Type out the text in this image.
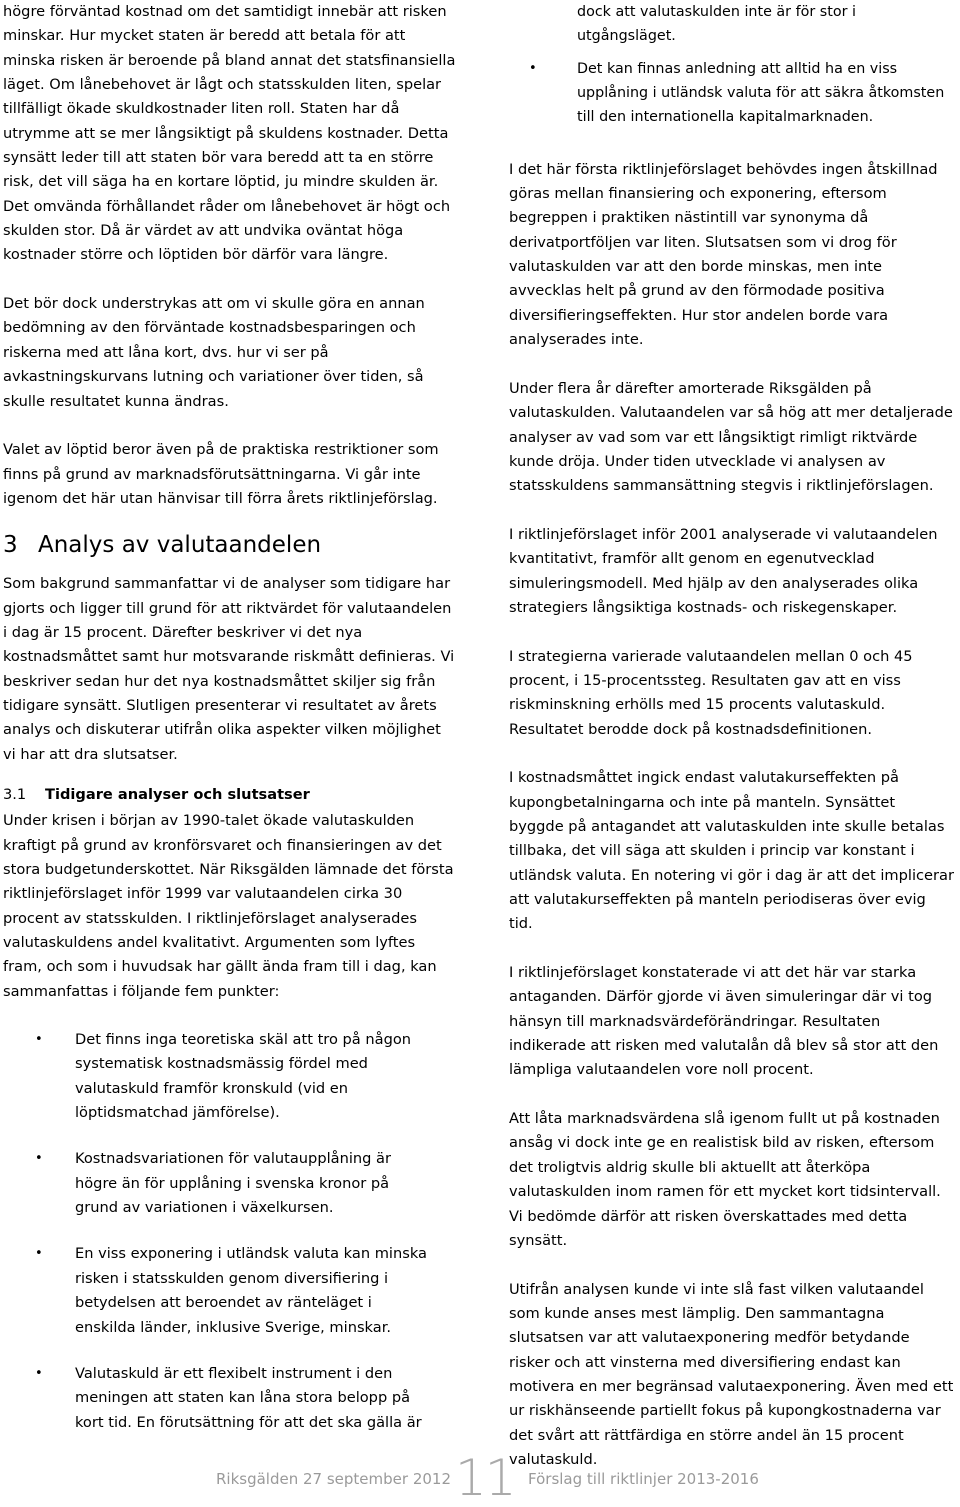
högre förväntad kostnad om det samtidigt innebär att risken minskar. Hur mycket staten är beredd att betala för att minska risken är beroende på bland annat det statsfinansiella läget. Om lånebehovet är lågt och statsskulden liten, spelar tillfälligt ökade skuldkostnader liten roll. Staten har då utrymme att se mer långsiktigt på skuldens kostnader. Detta synsätt leder till att staten bör vara beredd att ta en större risk, det vill säga ha en kortare löptid, ju mindre skulden är. Det omvända förhållandet råder om lånebehovet är högt och skulden stor. Då är värdet av att undvika oväntat höga kostnader större och löptiden bör därför vara längre.

Det bör dock understrykas att om vi skulle göra en annan bedömning av den förväntade kostnadsbesparingen och riskerna med att låna kort, dvs. hur vi ser på avkastningskurvans lutning och variationer över tiden, så skulle resultatet kunna ändras.

Valet av löptid beror även på de praktiska restriktioner som finns på grund av marknadsförutsättningarna. Vi går inte igenom det här utan hänvisar till förra årets riktlinjeförslag.

3 Analys av valutaandelen

Som bakgrund sammanfattar vi de analyser som tidigare har gjorts och ligger till grund för att riktvärdet för valutaandelen i dag är 15 procent. Därefter beskriver vi det nya kostnadsmåttet samt hur motsvarande riskmått definieras. Vi beskriver sedan hur det nya kostnadsmåttet skiljer sig från tidigare synsätt. Slutligen presenterar vi resultatet av årets analys och diskuterar utifrån olika aspekter vilken möjlighet vi har att dra slutsatser.

3.1 Tidigare analyser och slutsatser

Under krisen i början av 1990-talet ökade valutaskulden kraftigt på grund av kronförsvaret och finansieringen av det stora budgetunderskottet. När Riksgälden lämnade det första riktlinjeförslaget inför 1999 var valutaandelen cirka 30 procent av statsskulden. I riktlinjeförslaget analyserades valutaskuldens andel kvalitativt. Argumenten som lyftes fram, och som i huvudsak har gällt ända fram till i dag, kan sammanfattas i följande fem punkter:

• Det finns inga teoretiska skäl att tro på någon systematisk kostnadsmässig fördel med valutaskuld framför kronskuld (vid en löptidsmatchad jämförelse).
• Kostnadsvariationen för valutaupplåning är högre än för upplåning i svenska kronor på grund av variationen i växelkursen.
• En viss exponering i utländsk valuta kan minska risken i statsskulden genom diversifiering i betydelsen att beroendet av ränteläget i enskilda länder, inklusive Sverige, minskar.
• Valutaskuld är ett flexibelt instrument i den meningen att staten kan låna stora belopp på kort tid. En förutsättning för att det ska gälla är
dock att valutaskulden inte är för stor i utgångsläget.
•	Det kan finnas anledning att alltid ha en viss upplåning i utländsk valuta för att säkra åtkomsten till den internationella kapitalmarknaden.

I det här första riktlinjeförslaget behövdes ingen åtskillnad göras mellan finansiering och exponering, eftersom begreppen i praktiken nästintill var synonyma då derivatportföljen var liten. Slutsatsen som vi drog för valutaskulden var att den borde minskas, men inte avvecklas helt på grund av den förmodade positiva diversifieringseffekten. Hur stor andelen borde vara analyserades inte.

Under flera år därefter amorterade Riksgälden på valutaskulden. Valutaandelen var så hög att mer detaljerade analyser av vad som var ett långsiktigt rimligt riktvärde kunde dröja. Under tiden utvecklade vi analysen av statsskuldens sammansättning stegvis i riktlinjeförslagen.

I riktlinjeförslaget inför 2001 analyserade vi valutaandelen kvantitativt, framför allt genom en egenutvecklad simuleringsmodell. Med hjälp av den analyserades olika strategiers långsiktiga kostnads- och riskegenskaper.

I strategierna varierade valutaandelen mellan 0 och 45 procent, i 15-procentssteg. Resultaten gav att en viss riskminskning erhölls med 15 procents valutaskuld. Resultatet berodde dock på kostnadsdefinitionen.

I kostnadsmåttet ingick endast valutakurseffekten på kupongbetalningarna och inte på manteln. Synsättet byggde på antagandet att valutaskulden inte skulle betalas tillbaka, det vill säga att skulden i princip var konstant i utländsk valuta. En notering vi gör i dag är att det implicerar att valutakurseffekten på manteln periodiseras över evig tid.

I riktlinjeförslaget konstaterade vi att det här var starka antaganden. Därför gjorde vi även simuleringar där vi tog hänsyn till marknadsvärdeförändringar. Resultaten indikerade att risken med valutalån då blev så stor att den lämpliga valutaandelen vore noll procent.

Att låta marknadsvärdena slå igenom fullt ut på kostnaden ansåg vi dock inte ge en realistisk bild av risken, eftersom det troligtvis aldrig skulle bli aktuellt att återköpa valutaskulden inom ramen för ett mycket kort tidsintervall. Vi bedömde därför att risken överskattades med detta synsätt.

Utifrån analysen kunde vi inte slå fast vilken valutaandel som kunde anses mest lämplig. Den sammantagna slutsatsen var att valutaexponering medför betydande risker och att vinsterna med diversifiering endast kan motivera en mer begränsad valutaexponering. Även med ett ur riskhänseende partiellt fokus på kupongkostnaderna var det svårt att rättfärdiga en större andel än 15 procent valutaskuld.

Riksgälden 27 september 2012 11 Förslag till riktlinjer 2013-2016
